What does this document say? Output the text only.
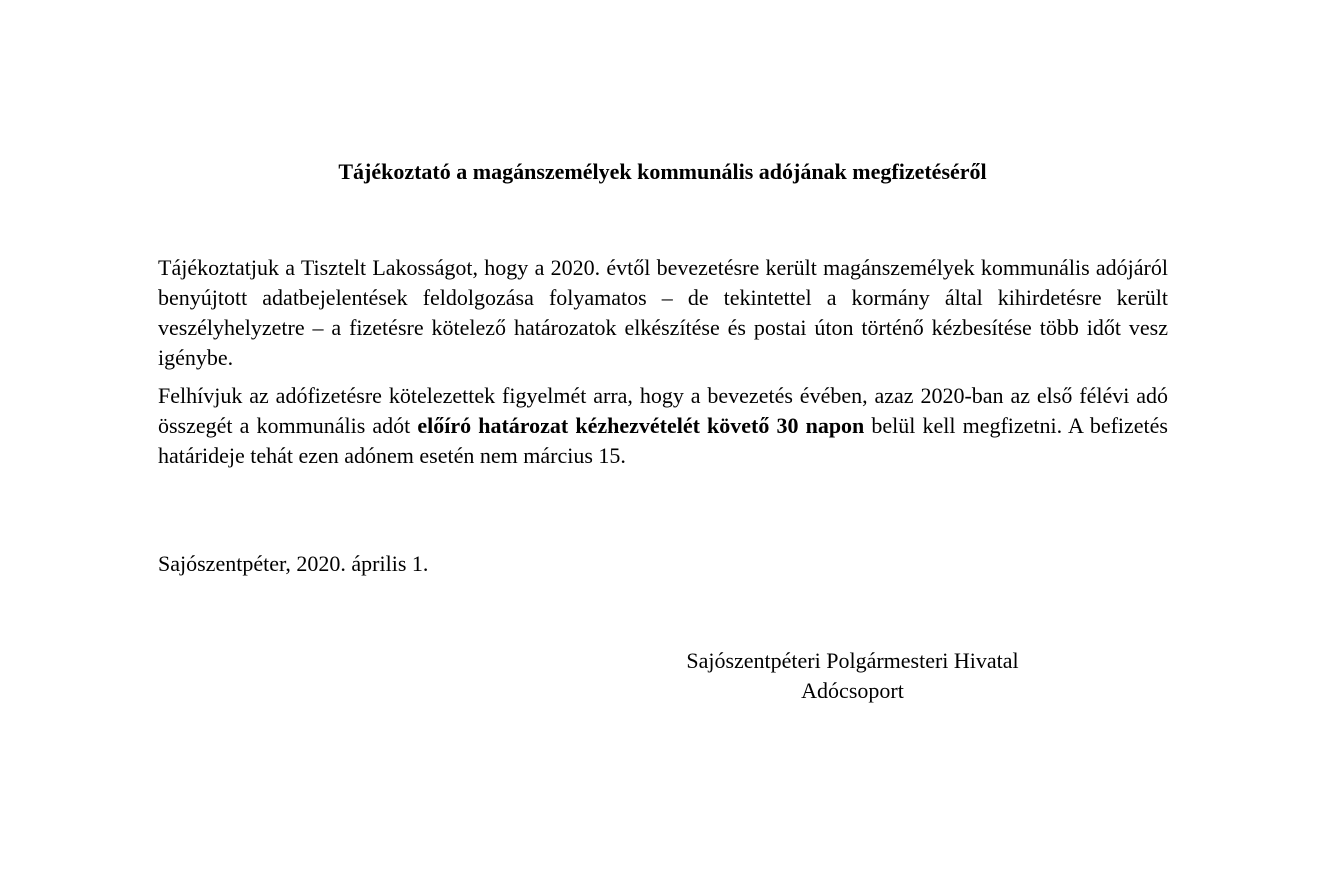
Tájékoztató a magánszemélyek kommunális adójának megfizetéséről

Tájékoztatjuk a Tisztelt Lakosságot, hogy a 2020. évtől bevezetésre került magánszemélyek kommunális adójáról benyújtott adatbejelentések feldolgozása folyamatos – de tekintettel a kormány által kihirdetésre került veszélyhelyzetre – a fizetésre kötelező határozatok elkészítése és postai úton történő kézbesítése több időt vesz igénybe.

Felhívjuk az adófizetésre kötelezettek figyelmét arra, hogy a bevezetés évében, azaz 2020-ban az első félévi adó összegét a kommunális adót előíró határozat kézhezvételét követő 30 napon belül kell megfizetni. A befizetés határideje tehát ezen adónem esetén nem március 15.

Sajószentpéter, 2020. április 1.

Sajószentpéteri Polgármesteri Hivatal
Adócsoport
